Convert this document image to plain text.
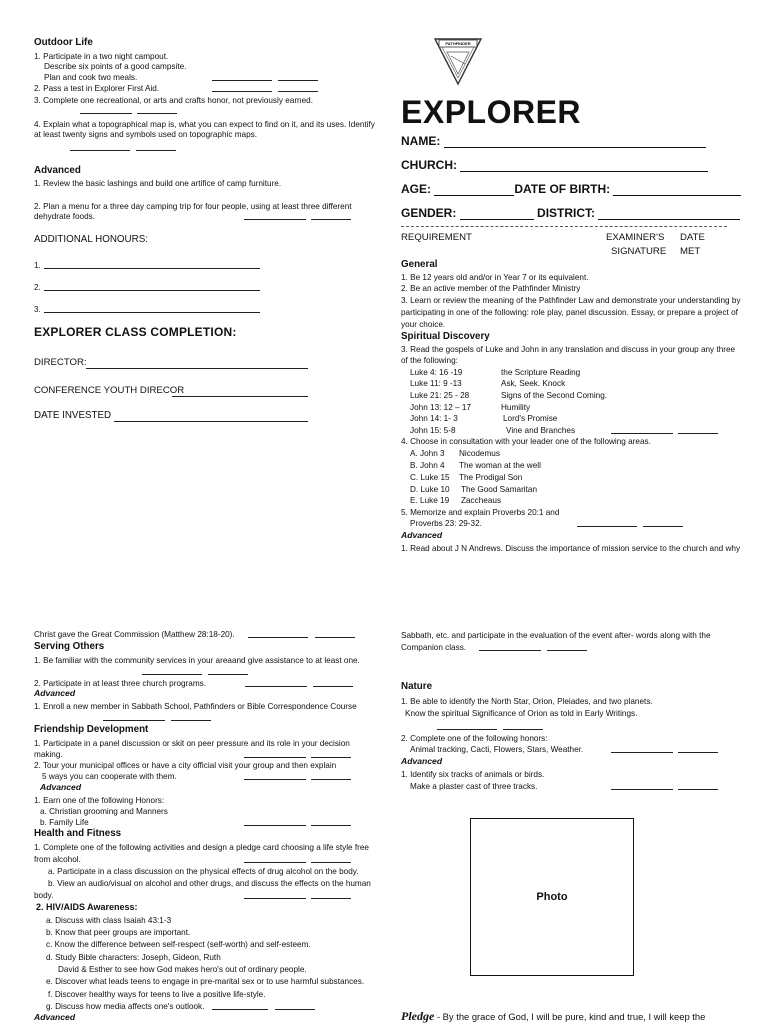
Outdoor Life
1. Participate in a two night campout.
Describe six points of a good campsite.
Plan and cook two meals.
2. Pass a test in Explorer First Aid.
3. Complete one recreational, or arts and crafts honor, not previously earned.
4. Explain what a topographical map is, what you can expect to find on it, and its uses. Identify
at least twenty signs and symbols used on topographic maps.
Advanced
1. Review the basic lashings and build one artifice of camp furniture.
2. Plan a menu for a three day camping trip for four people, using at least three different
dehydrate foods.
ADDITIONAL HONOURS:
1.
2.
3.
EXPLORER CLASS COMPLETION:
DIRECTOR:
CONFERENCE YOUTH DIRECOR
DATE INVESTED
PATHFINDER
EXPLORER
NAME:
CHURCH:
AGE:	DATE OF BIRTH:
GENDER:	DISTRICT:
REQUIREMENT	EXAMINER'S
SIGNATURE
DATE
MET
General
1. Be 12 years old and/or in Year 7 or its equivalent.
2. Be an active member of the Pathfinder Ministry
3. Learn or review the meaning of the Pathfinder Law and demonstrate your understanding by
participating in one of the following: role play, panel discussion. Essay, or prepare a project of
your choice.
Spiritual Discovery
3. Read the gospels of Luke and John in any translation and discuss in your group any three
of the following:
Luke 4: 16 -19	the Scripture Reading
Luke 11: 9 -13	Ask, Seek. Knock
Luke 21: 25 - 28	Signs of the Second Coming.
John 13: 12 – 17	Humility
John 14: 1- 3	Lord's Promise
John 15: 5-8	Vine and Branches
4. Choose in consultation with your leader one of the following areas.
A. John 3 Nicodemus
B. John 4 The woman at the well
C. Luke 15 The Prodigal Son
D. Luke 10 The Good Samaritan
E. Luke 19 Zaccheaus
5. Memorize and explain Proverbs 20:1 and
Proverbs 23: 29-32.
Advanced
1. Read about J N Andrews. Discuss the importance of mission service to the church and why
Christ gave the Great Commission (Matthew 28:18-20).
Serving Others
1. Be familiar with the community services in your areaand give assistance to at least one.
2. Participate in at least three church programs.
Advanced
1. Enroll a new member in Sabbath School, Pathfinders or Bible Correspondence Course
Friendship Development
1. Participate in a panel discussion or skit on peer pressure and its role in your decision
making.
2. Tour your municipal offices or have a city official visit your group and then explain
5 ways you can cooperate with them.
Advanced
1. Earn one of the following Honors:
a. Christian grooming and Manners
b. Family Life
Health and Fitness
1. Complete one of the following activities and design a pledge card choosing a life style free
from alcohol.
a. Participate in a class discussion on the physical effects of drug alcohol on the body.
b. View an audio/visual on alcohol and other drugs, and discuss the effects on the human
body.
2. HIV/AIDS Awareness:
a. Discuss with class Isaiah 43:1-3
b. Know that peer groups are important.
c. Know the difference between self-respect (self-worth) and self-esteem.
d. Study Bible characters: Joseph, Gideon, Ruth
David & Esther to see how God makes hero's out of ordinary people.
e. Discover what leads teens to engage in pre-marital sex or to use harmful substances.
f. Discover healthy ways for teens to live a positive life-style.
g. Discuss how media affects one's outlook.
Advanced
Sabbath, etc. and participate in the evaluation of the event after- words along with the
Companion class.
Nature
1. Be able to identify the North Star, Orion, Pleiades, and two planets.
Know the spiritual Significance of Orion as told in Early Writings.
2. Complete one of the following honors:
Animal tracking, Cacti, Flowers, Stars, Weather.
Advanced
1. Identify six tracks of animals or birds.
Make a plaster cast of three tracks.
Photo
Pledge - By the grace of God, I will be pure, kind and true, I will keep the
